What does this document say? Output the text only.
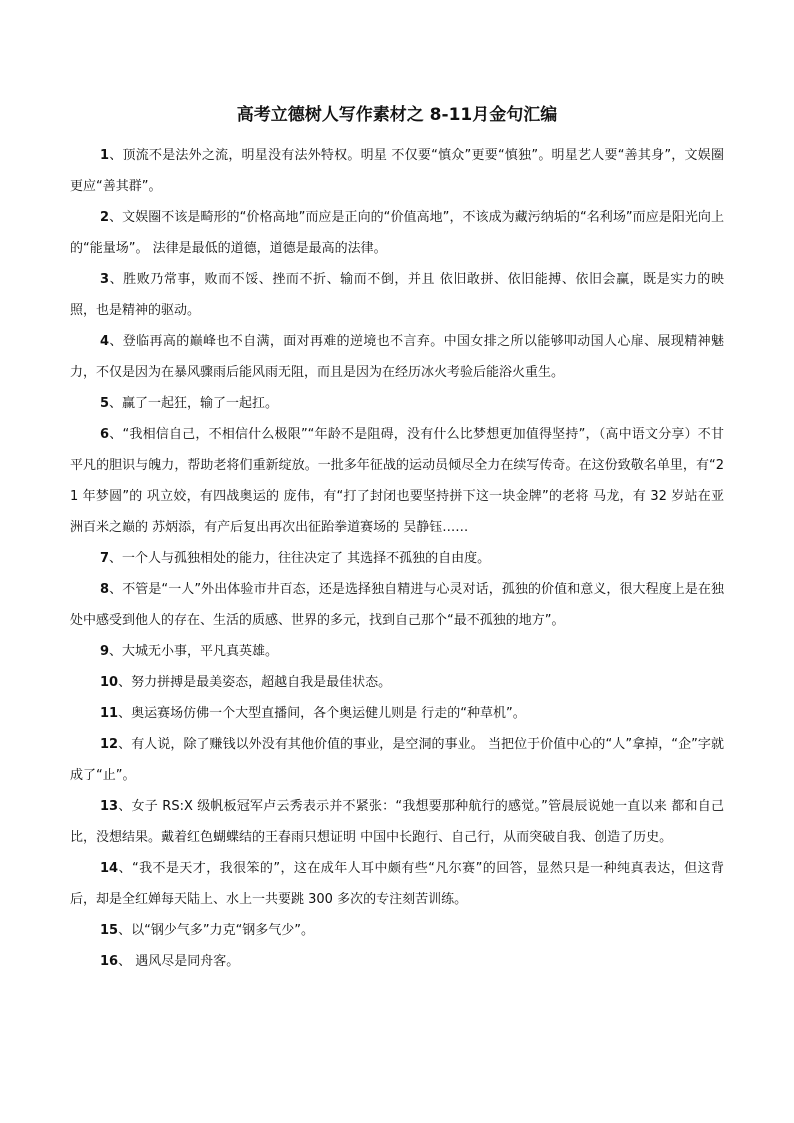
高考立德树人写作素材之 8-11月金句汇编
1、顶流不是法外之流，明星没有法外特权。明星 不仅要“慎众”更要“慎独”。明星艺人要“善其身”，文娱圈更应“善其群”。
2、文娱圈不该是畸形的“价格高地”而应是正向的“价值高地”，不该成为藏污纳垢的“名利场”而应是阳光向上的“能量场”。 法律是最低的道德，道德是最高的法律。
3、胜败乃常事，败而不馁、挫而不折、输而不倒，并且 依旧敢拼、依旧能搏、依旧会赢，既是实力的映照，也是精神的驱动。
4、登临再高的巅峰也不自满，面对再难的逆境也不言弃。中国女排之所以能够叩动国人心扉、展现精神魅力，不仅是因为在暴风骤雨后能风雨无阻，而且是因为在经历冰火考验后能浴火重生。
5、赢了一起狂，输了一起扛。
6、“我相信自己，不相信什么极限”“年龄不是阻碍，没有什么比梦想更加值得坚持”，（高中语文分享）不甘平凡的胆识与魄力，帮助老将们重新绽放。一批多年征战的运动员倾尽全力在续写传奇。在这份致敬名单里，有“21 年梦圆”的 巩立姣，有四战奥运的 庞伟，有“打了封闭也要坚持拼下这一块金牌”的老将 马龙，有 32 岁站在亚洲百米之巅的 苏炳添，有产后复出再次出征跆拳道赛场的 吴静钰……
7、一个人与孤独相处的能力，往往决定了 其选择不孤独的自由度。
8、不管是“一人”外出体验市井百态，还是选择独自精进与心灵对话，孤独的价值和意义，很大程度上是在独处中感受到他人的存在、生活的质感、世界的多元，找到自己那个“最不孤独的地方”。
9、大城无小事，平凡真英雄。
10、努力拼搏是最美姿态，超越自我是最佳状态。
11、奥运赛场仿佛一个大型直播间，各个奥运健儿则是 行走的“种草机”。
12、有人说，除了赚钱以外没有其他价值的事业，是空洞的事业。 当把位于价值中心的“人”拿掉，“企”字就成了“止”。
13、女子 RS:X 级帆板冠军卢云秀表示并不紧张：“我想要那种航行的感觉。”管晨辰说她一直以来 都和自己比，没想结果。戴着红色蝴蝶结的王春雨只想证明 中国中长跑行、自己行，从而突破自我、创造了历史。
14、“我不是天才，我很笨的”，这在成年人耳中颇有些“凡尔赛”的回答，显然只是一种纯真表达，但这背后，却是全红婵每天陆上、水上一共要跳 300 多次的专注刻苦训练。
15、以“钢少气多”力克“钢多气少”。
16、 遇风尽是同舟客。
